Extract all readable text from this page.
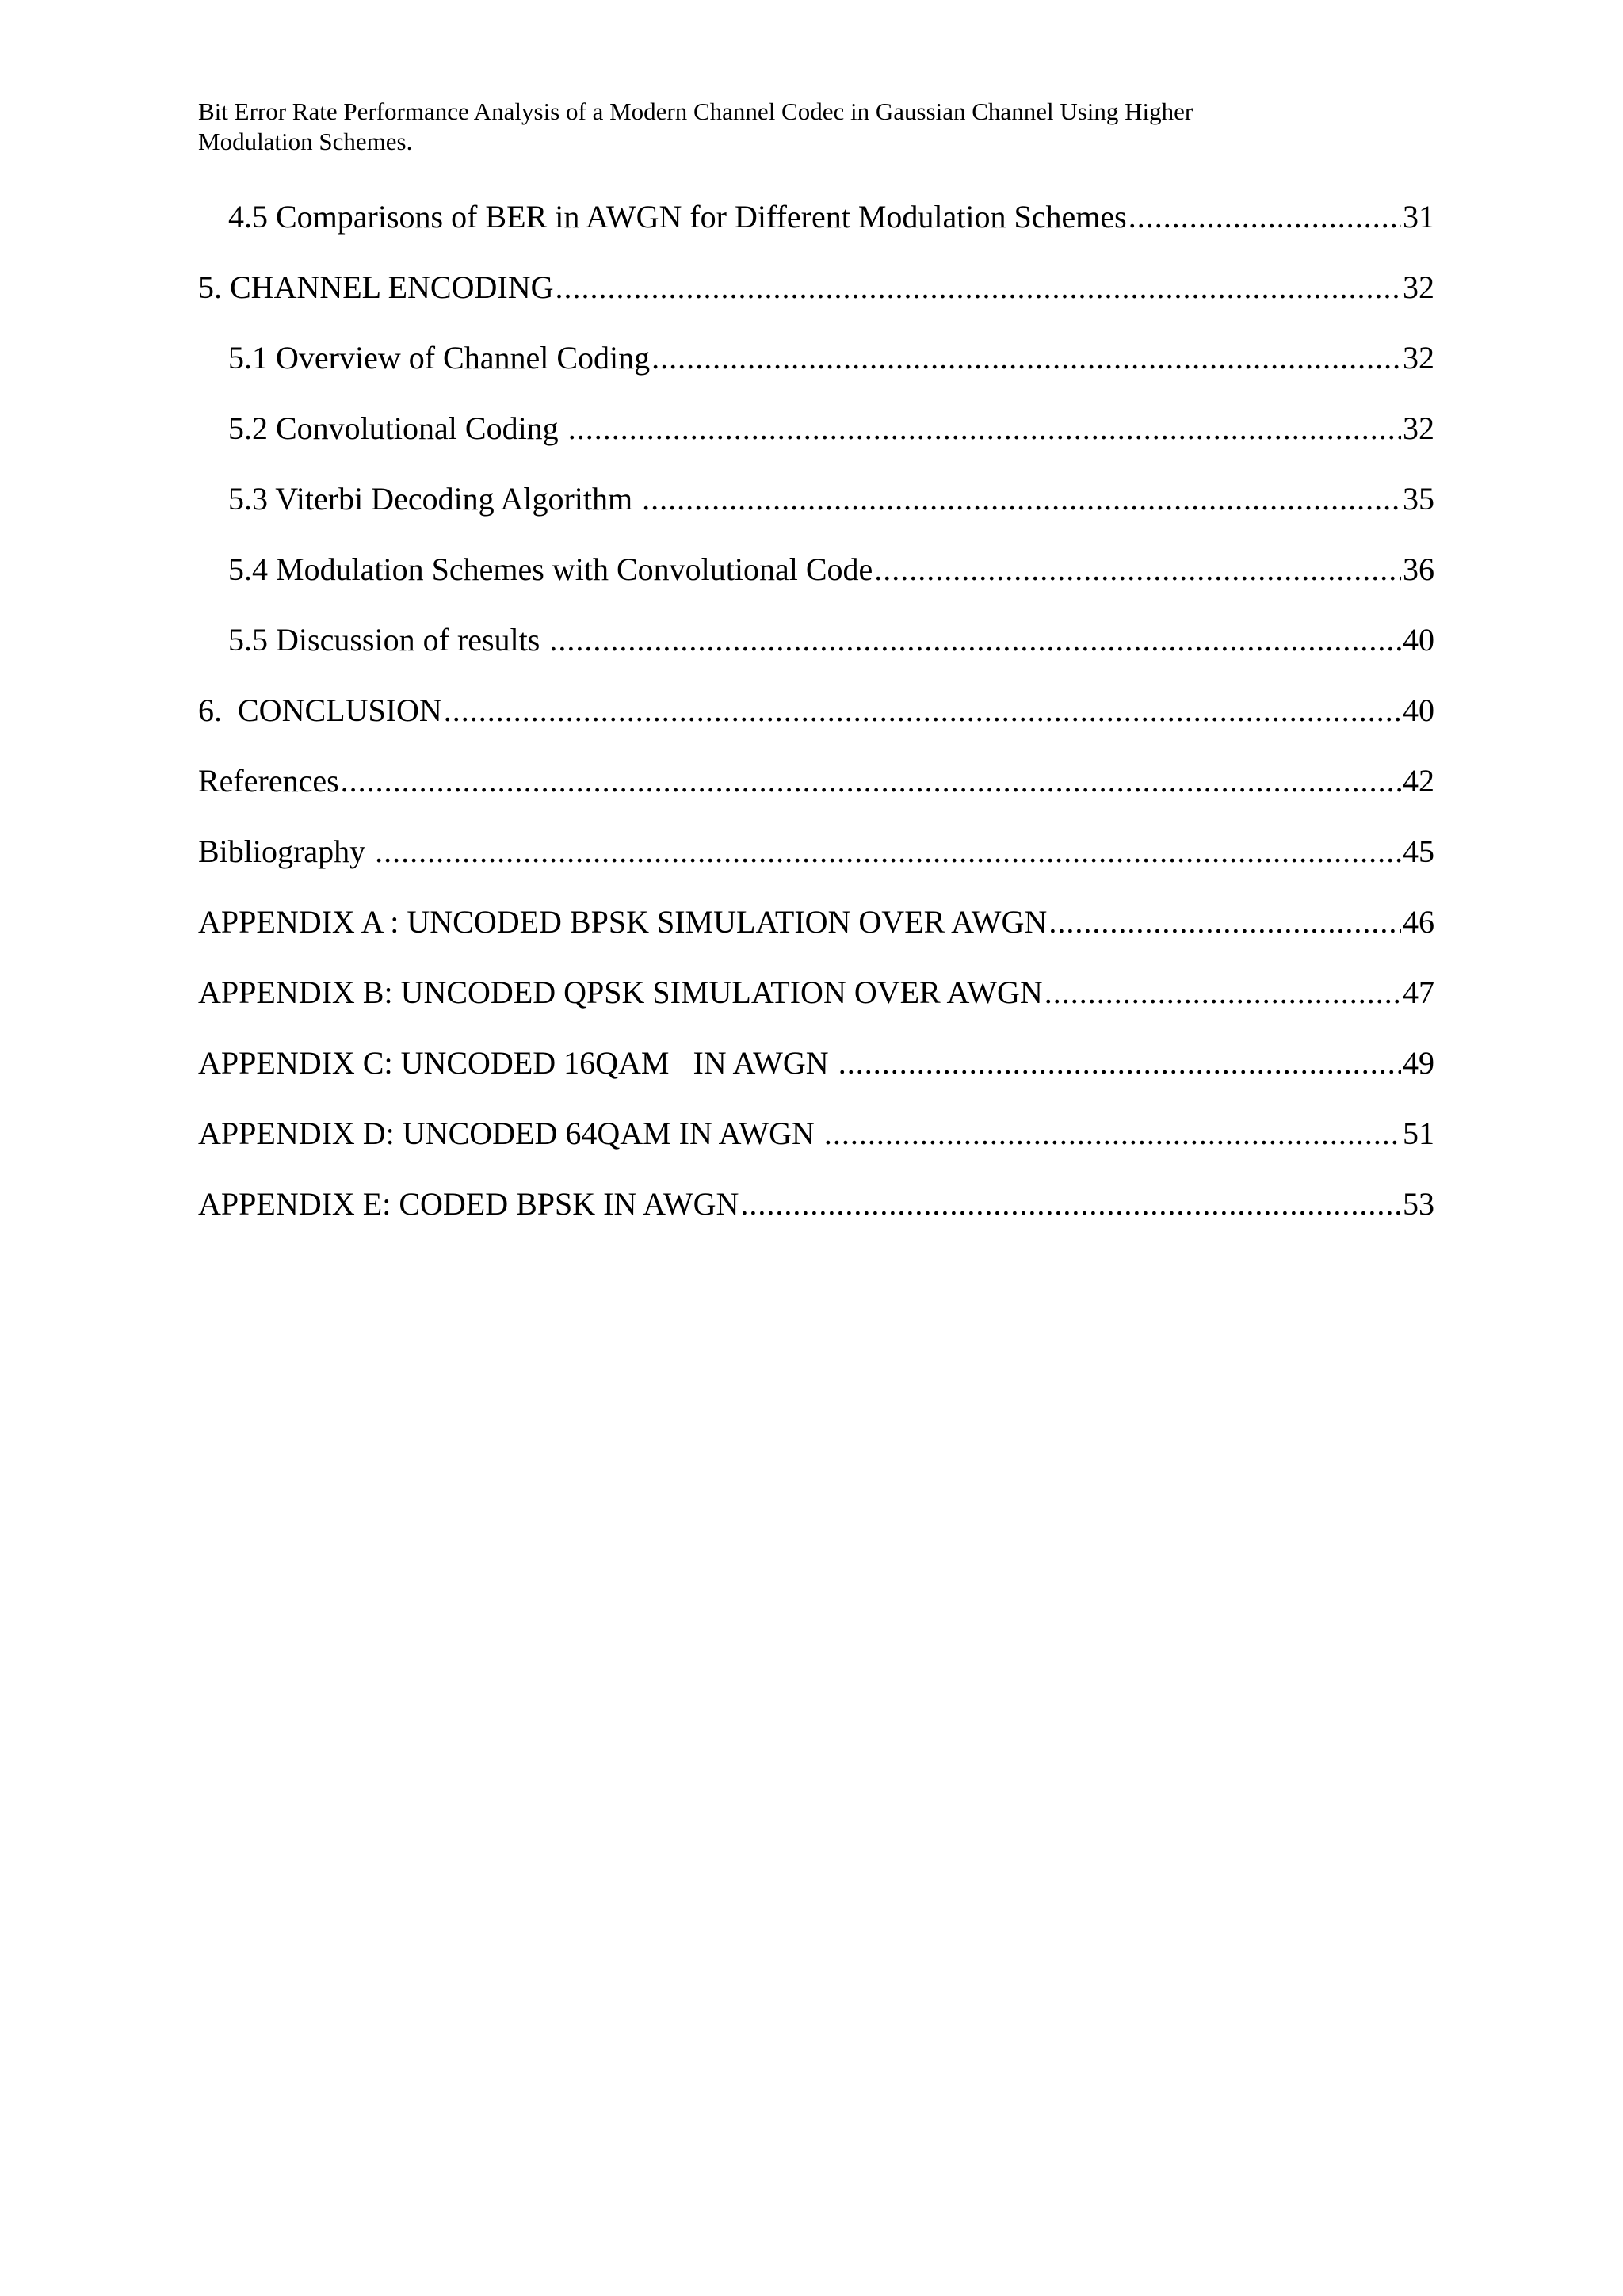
Bit Error Rate Performance Analysis of a Modern Channel Codec in Gaussian Channel Using Higher
Modulation Schemes.
4.5 Comparisons of BER in AWGN for Different Modulation Schemes .....	31
5. CHANNEL ENCODING .....	32
5.1 Overview of Channel Coding .....	32
5.2 Convolutional Coding .....	32
5.3 Viterbi Decoding Algorithm .....	35
5.4 Modulation Schemes with Convolutional Code .....	36
5.5 Discussion of results .....	40
6.  CONCLUSION .....	40
References .....	42
Bibliography .....	45
APPENDIX A : UNCODED BPSK SIMULATION OVER AWGN .....	46
APPENDIX B: UNCODED QPSK SIMULATION OVER AWGN .....	47
APPENDIX C: UNCODED 16QAM   IN AWGN .....	49
APPENDIX D: UNCODED 64QAM IN AWGN .....	51
APPENDIX E: CODED BPSK IN AWGN .....	53
